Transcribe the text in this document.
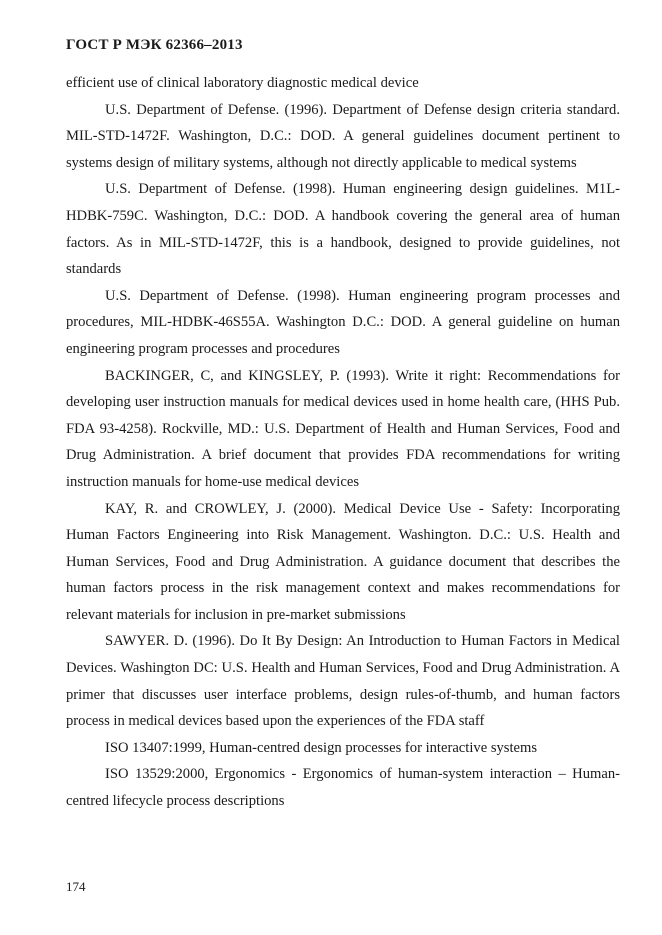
ГОСТ Р МЭК 62366–2013

efficient use of clinical laboratory diagnostic medical device

U.S. Department of Defense. (1996). Department of Defense design criteria standard. MIL-STD-1472F. Washington, D.C.: DOD. A general guidelines document pertinent to systems design of military systems, although not directly applicable to medical systems

U.S. Department of Defense. (1998). Human engineering design guidelines. M1L-HDBK-759C. Washington, D.C.: DOD. A handbook covering the general area of human factors. As in MIL-STD-1472F, this is a handbook, designed to provide guidelines, not standards

U.S. Department of Defense. (1998). Human engineering program processes and procedures, MIL-HDBK-46S55A. Washington D.C.: DOD. A general guideline on human engineering program processes and procedures

BACKINGER, C, and KINGSLEY, P. (1993). Write it right: Recommendations for developing user instruction manuals for medical devices used in home health care, (HHS Pub. FDA 93-4258). Rockville, MD.: U.S. Department of Health and Human Services, Food and Drug Administration. A brief document that provides FDA recommendations for writing instruction manuals for home-use medical devices

KAY, R. and CROWLEY, J. (2000). Medical Device Use - Safety: Incorporating Human Factors Engineering into Risk Management. Washington. D.C.: U.S. Health and Human Services, Food and Drug Administration. A guidance document that describes the human factors process in the risk management context and makes recommendations for relevant materials for inclusion in pre-market submissions

SAWYER. D. (1996). Do It By Design: An Introduction to Human Factors in Medical Devices. Washington DC: U.S. Health and Human Services, Food and Drug Administration. A primer that discusses user interface problems, design rules-of-thumb, and human factors process in medical devices based upon the experiences of the FDA staff

ISO 13407:1999, Human-centred design processes for interactive systems

ISO 13529:2000, Ergonomics - Ergonomics of human-system interaction – Human-centred lifecycle process descriptions

174
